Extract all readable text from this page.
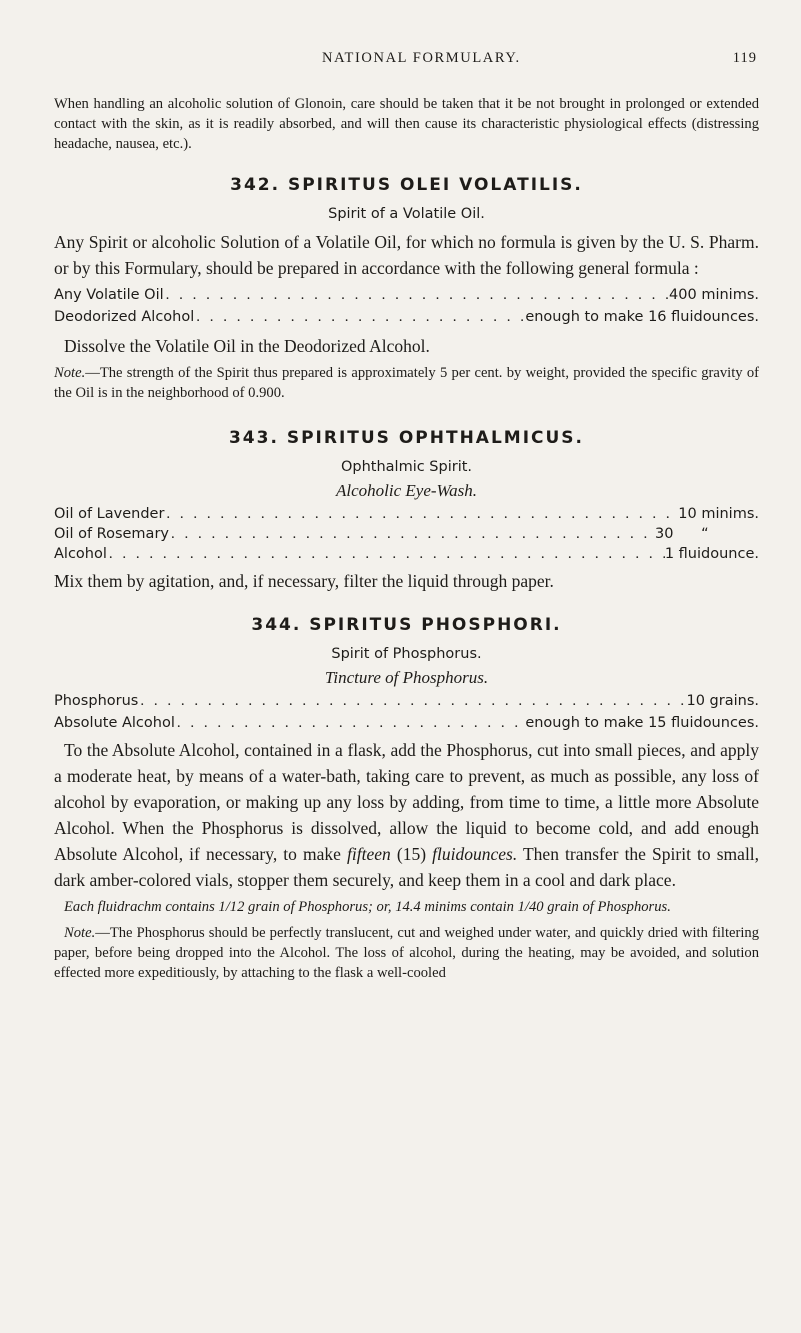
NATIONAL FORMULARY.	119

When handling an alcoholic solution of Glonoin, care should be taken that it be not brought in prolonged or extended contact with the skin, as it is readily absorbed, and will then cause its characteristic physiological effects (distressing headache, nausea, etc.).

342. SPIRITUS OLEI VOLATILIS.
Spirit of a Volatile Oil.

Any Spirit or alcoholic Solution of a Volatile Oil, for which no formula is given by the U. S. Pharm. or by this Formulary, should be prepared in accordance with the following general formula :

Any Volatile Oil . . .	400 minims.
Deodorized Alcohol . . .	enough to make 16 fluidounces.

Dissolve the Volatile Oil in the Deodorized Alcohol.

Note.—The strength of the Spirit thus prepared is approximately 5 per cent. by weight, provided the specific gravity of the Oil is in the neighborhood of 0.900.

343. SPIRITUS OPHTHALMICUS.
Ophthalmic Spirit.
Alcoholic Eye-Wash.
Oil of Lavender . . .	10 minims.
Oil of Rosemary . . .	30      “
Alcohol . . .	1 fluidounce.

Mix them by agitation, and, if necessary, filter the liquid through paper.

344. SPIRITUS PHOSPHORI.
Spirit of Phosphorus.
Tincture of Phosphorus.
Phosphorus . . .	10 grains.
Absolute Alcohol . . .	enough to make 15 fluidounces.

To the Absolute Alcohol, contained in a flask, add the Phosphorus, cut into small pieces, and apply a moderate heat, by means of a water-bath, taking care to prevent, as much as possible, any loss of alcohol by evaporation, or making up any loss by adding, from time to time, a little more Absolute Alcohol. When the Phosphorus is dissolved, allow the liquid to become cold, and add enough Absolute Alcohol, if necessary, to make fifteen (15) fluidounces. Then transfer the Spirit to small, dark amber-colored vials, stopper them securely, and keep them in a cool and dark place.

Each fluidrachm contains 1/12 grain of Phosphorus; or, 14.4 minims contain 1/40 grain of Phosphorus.

Note.—The Phosphorus should be perfectly translucent, cut and weighed under water, and quickly dried with filtering paper, before being dropped into the Alcohol. The loss of alcohol, during the heating, may be avoided, and solution effected more expeditiously, by attaching to the flask a well-cooled
